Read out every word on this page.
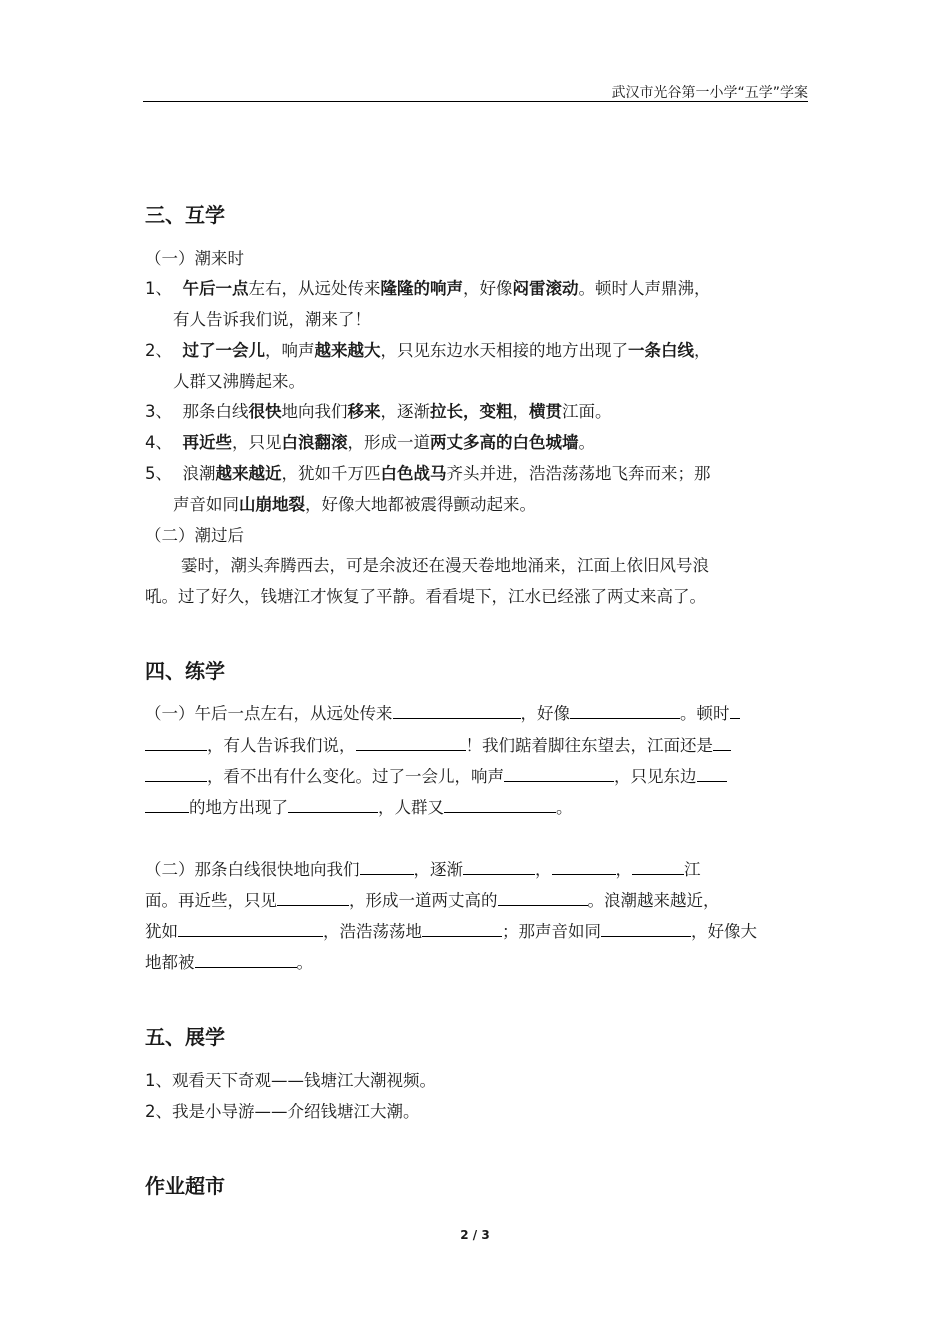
武汉市光谷第一小学“五学”学案
三、互学
（一）潮来时
1、 午后一点左右，从远处传来隆隆的响声，好像闷雷滚动。顿时人声鼎沸，
有人告诉我们说，潮来了！
2、 过了一会儿，响声越来越大，只见东边水天相接的地方出现了一条白线，
人群又沸腾起来。
3、 那条白线很快地向我们移来，逐渐拉长，变粗，横贯江面。
4、 再近些，只见白浪翻滚，形成一道两丈多高的白色城墙。
5、 浪潮越来越近，犹如千万匹白色战马齐头并进，浩浩荡荡地飞奔而来；那
声音如同山崩地裂，好像大地都被震得颤动起来。
（二）潮过后
霎时，潮头奔腾西去，可是余波还在漫天卷地地涌来，江面上依旧风号浪
吼。过了好久，钱塘江才恢复了平静。看看堤下，江水已经涨了两丈来高了。
四、练学
（一）午后一点左右，从远处传来	，好像	。顿时
，有人告诉我们说，	！我们踮着脚往东望去，江面还是
，看不出有什么变化。过了一会儿，响声	，只见东边
的地方出现了	，人群又	。
（二）那条白线很快地向我们	，逐渐	，	，	江
面。再近些，只见	，形成一道两丈高的	。浪潮越来越近，
犹如	，浩浩荡荡地	；那声音如同	，好像大
地都被	。
五、展学
1、观看天下奇观——钱塘江大潮视频。
2、我是小导游——介绍钱塘江大潮。
作业超市
2 / 3
